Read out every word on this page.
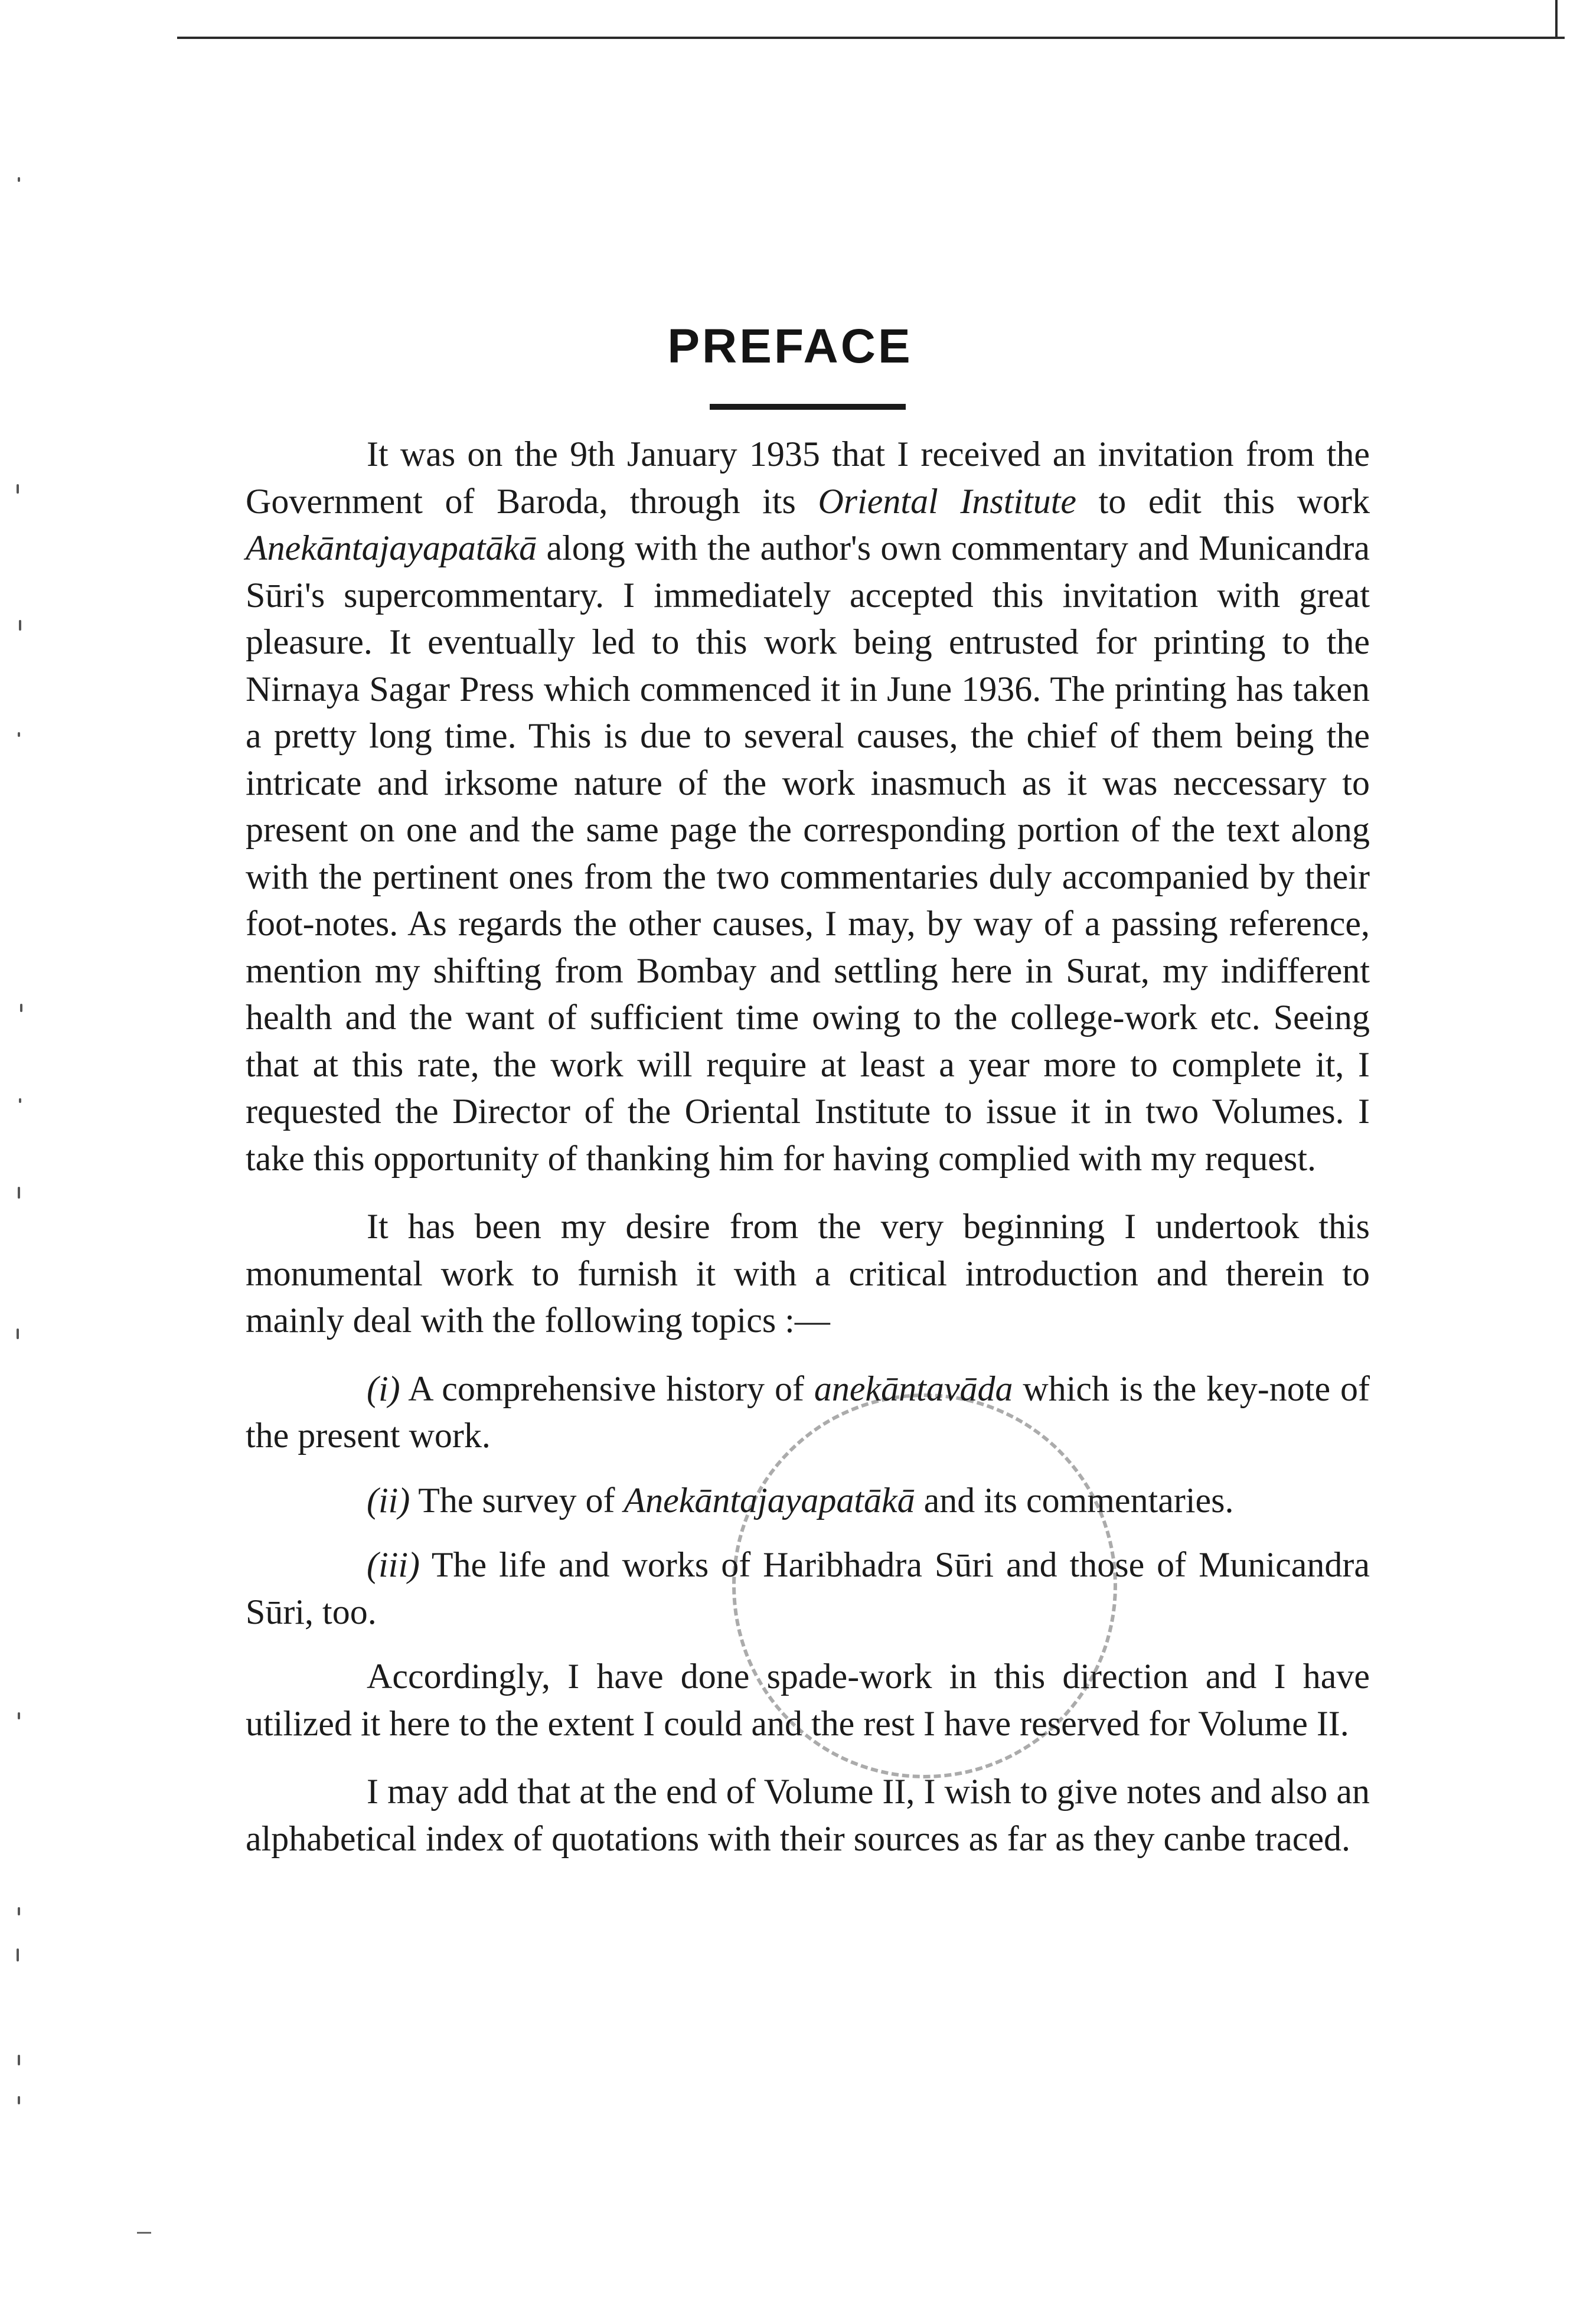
PREFACE

It was on the 9th January 1935 that I received an invitation from the Government of Baroda, through its Oriental Institute to edit this work Anekāntajayapatākā along with the author's own commentary and Municandra Sūri's supercommentary. I immediately accepted this invitation with great pleasure. It eventually led to this work being entrusted for printing to the Nirnaya Sagar Press which commenced it in June 1936. The printing has taken a pretty long time. This is due to several causes, the chief of them being the intricate and irksome nature of the work inasmuch as it was neccessary to present on one and the same page the corresponding portion of the text along with the pertinent ones from the two commentaries duly accompanied by their foot-notes. As regards the other causes, I may, by way of a passing reference, mention my shifting from Bombay and settling here in Surat, my indifferent health and the want of sufficient time owing to the college-work etc. Seeing that at this rate, the work will require at least a year more to complete it, I requested the Director of the Oriental Institute to issue it in two Volumes. I take this opportunity of thanking him for having complied with my request.

It has been my desire from the very beginning I undertook this monumental work to furnish it with a critical introduction and therein to mainly deal with the following topics :—

(i) A comprehensive history of anekāntavāda which is the key-note of the present work.

(ii) The survey of Anekāntajayapatākā and its commentaries.

(iii) The life and works of Haribhadra Sūri and those of Municandra Sūri, too.

Accordingly, I have done spade-work in this direction and I have utilized it here to the extent I could and the rest I have reserved for Volume II.

I may add that at the end of Volume II, I wish to give notes and also an alphabetical index of quotations with their sources as far as they canbe traced.
